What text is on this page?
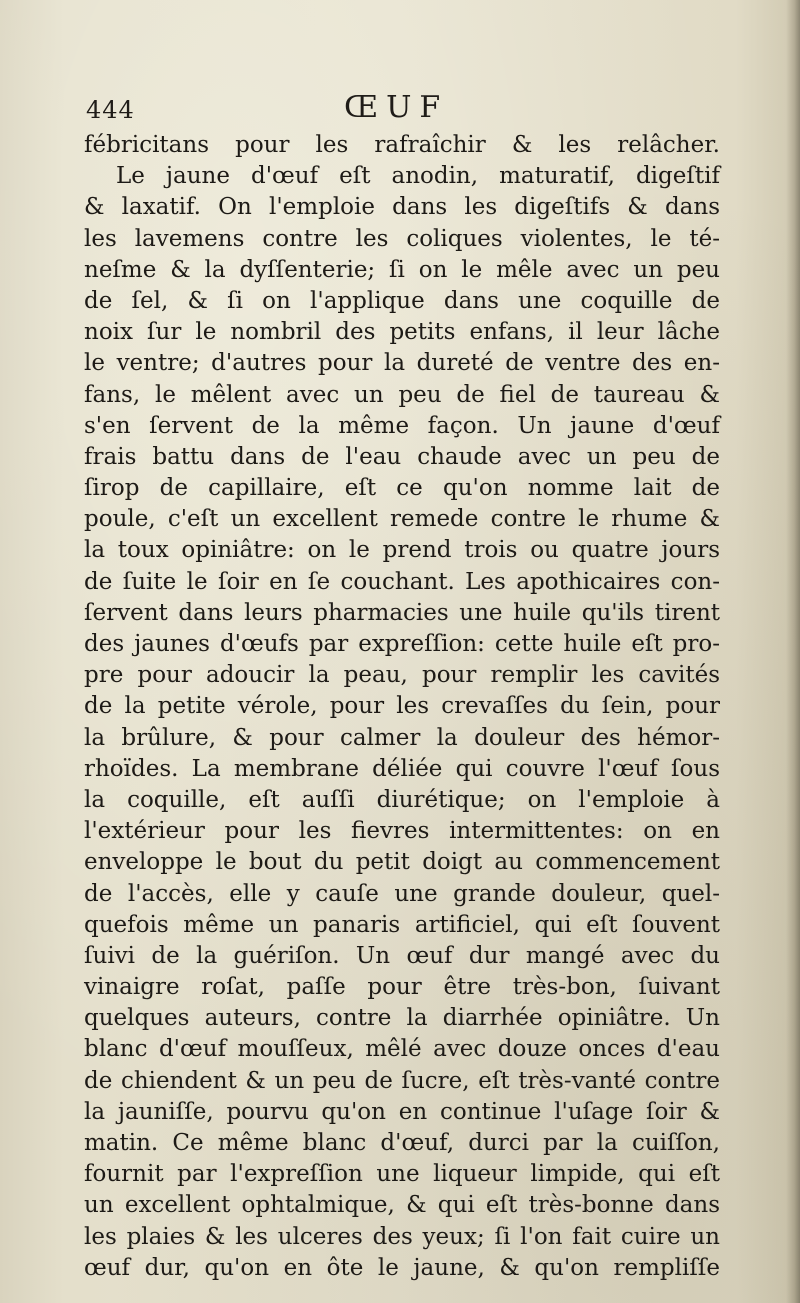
444	ŒUF
fébricitans pour les rafraîchir & les relâcher.
Le jaune d'œuf eſt anodin, maturatif, digeſtif
& laxatif. On l'emploie dans les digeſtifs & dans
les lavemens contre les coliques violentes, le té-
neſme & la dyſſenterie; ſi on le mêle avec un peu
de ſel, & ſi on l'applique dans une coquille de
noix ſur le nombril des petits enfans, il leur lâche
le ventre; d'autres pour la dureté de ventre des en-
fans, le mêlent avec un peu de fiel de taureau &
s'en ſervent de la même façon. Un jaune d'œuf
frais battu dans de l'eau chaude avec un peu de
ſirop de capillaire, eſt ce qu'on nomme lait de
poule, c'eſt un excellent remede contre le rhume &
la toux opiniâtre: on le prend trois ou quatre jours
de ſuite le ſoir en ſe couchant. Les apothicaires con-
ſervent dans leurs pharmacies une huile qu'ils tirent
des jaunes d'œufs par expreſſion: cette huile eſt pro-
pre pour adoucir la peau, pour remplir les cavités
de la petite vérole, pour les crevaſſes du ſein, pour
la brûlure, & pour calmer la douleur des hémor-
rhoïdes. La membrane déliée qui couvre l'œuf ſous
la coquille, eſt auſſi diurétique; on l'emploie à
l'extérieur pour les fievres intermittentes: on en
enveloppe le bout du petit doigt au commencement
de l'accès, elle y cauſe une grande douleur, quel-
quefois même un panaris artificiel, qui eſt ſouvent
ſuivi de la guériſon. Un œuf dur mangé avec du
vinaigre roſat, paſſe pour être très-bon, ſuivant
quelques auteurs, contre la diarrhée opiniâtre. Un
blanc d'œuf mouſſeux, mêlé avec douze onces d'eau
de chiendent & un peu de ſucre, eſt très-vanté contre
la jauniſſe, pourvu qu'on en continue l'uſage ſoir &
matin. Ce même blanc d'œuf, durci par la cuiſſon,
fournit par l'expreſſion une liqueur limpide, qui eſt
un excellent ophtalmique, & qui eſt très-bonne dans
les plaies & les ulceres des yeux; ſi l'on fait cuire un
œuf dur, qu'on en ôte le jaune, & qu'on rempliſſe
